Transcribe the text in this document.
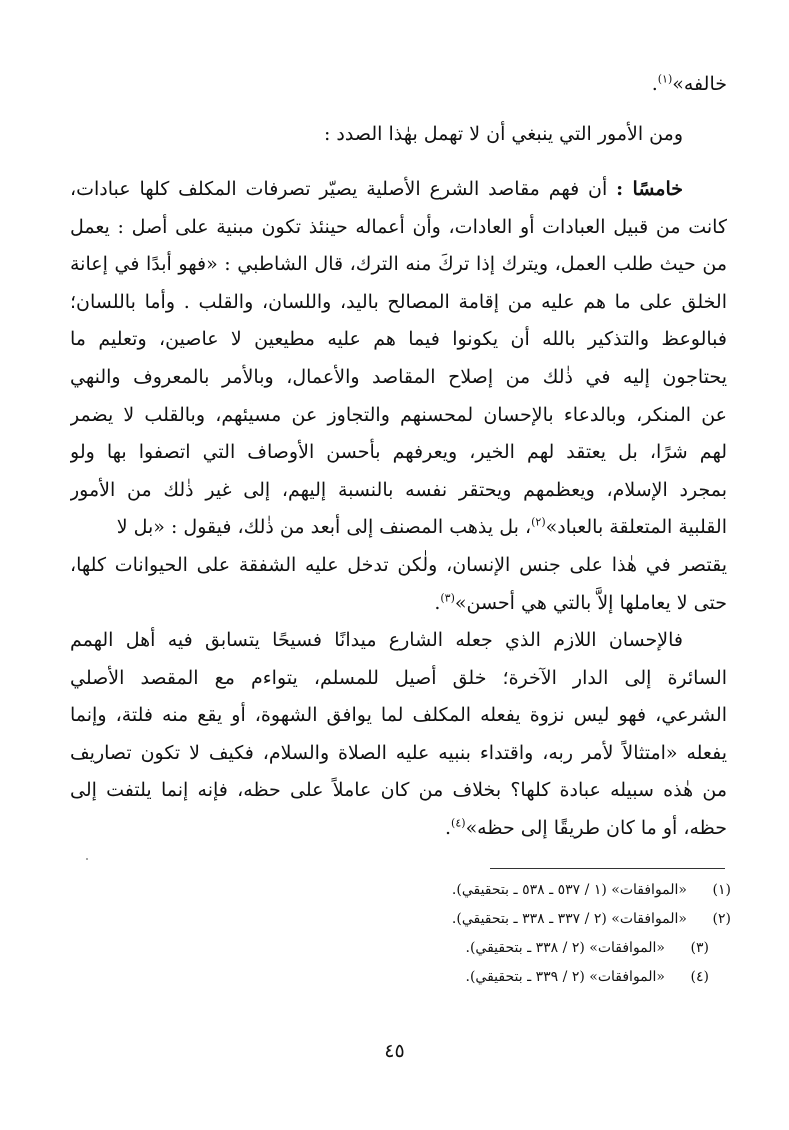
خالفه»$^{(١)}$.
ومن الأمور التي ينبغي أن لا تهمل بهٰذا الصدد :
خامسًا : أن فهم مقاصد الشرع الأصلية يصيّر تصرفات المكلف كلها عبادات،
كانت من قبيل العبادات أو العادات، وأن أعماله حينئذ تكون مبنية على أصل : يعمل
من حيث طلب العمل، ويترك إذا تركَ منه الترك، قال الشاطبي : «فهو أبدًا في إعانة
الخلق على ما هم عليه من إقامة المصالح باليد، واللسان، والقلب . وأما باللسان؛
فبالوعظ والتذكير بالله أن يكونوا فيما هم عليه مطيعين لا عاصين، وتعليم ما
يحتاجون إليه في ذٰلك من إصلاح المقاصد والأعمال، وبالأمر بالمعروف والنهي
عن المنكر، وبالدعاء بالإحسان لمحسنهم والتجاوز عن مسيئهم، وبالقلب لا يضمر
لهم شرًا، بل يعتقد لهم الخير، ويعرفهم بأحسن الأوصاف التي اتصفوا بها ولو
بمجرد الإسلام، ويعظمهم ويحتقر نفسه بالنسبة إليهم، إلى غير ذٰلك من الأمور
القلبية المتعلقة بالعباد»$^{(٢)}$، بل يذهب المصنف إلى أبعد من ذٰلك، فيقول : «بل لا
يقتصر في هٰذا على جنس الإنسان، ولٰكن تدخل عليه الشفقة على الحيوانات كلها،
حتى لا يعاملها إلاَّ بالتي هي أحسن»$^{(٣)}$.
فالإحسان اللازم الذي جعله الشارع ميدانًا فسيحًا يتسابق فيه أهل الهمم
السائرة إلى الدار الآخرة؛ خلق أصيل للمسلم، يتواءم مع المقصد الأصلي
الشرعي، فهو ليس نزوة يفعله المكلف لما يوافق الشهوة، أو يقع منه فلتة، وإنما
يفعله «امتثالاً لأمر ربه، واقتداء بنبيه عليه الصلاة والسلام، فكيف لا تكون تصاريف
من هٰذه سبيله عبادة كلها؟ بخلاف من كان عاملاً على حظه، فإنه إنما يلتفت إلى
حظه، أو ما كان طريقًا إلى حظه»$^{(٤)}$.
(١)«الموافقات» (١ / ٥٣٧ ـ ٥٣٨ ـ بتحقيقي).
(٢)«الموافقات» (٢ / ٣٣٧ ـ ٣٣٨ ـ بتحقيقي).
(٣)«الموافقات» (٢ / ٣٣٨ ـ بتحقيقي).
(٤)«الموافقات» (٢ / ٣٣٩ ـ بتحقيقي).
٤٥
